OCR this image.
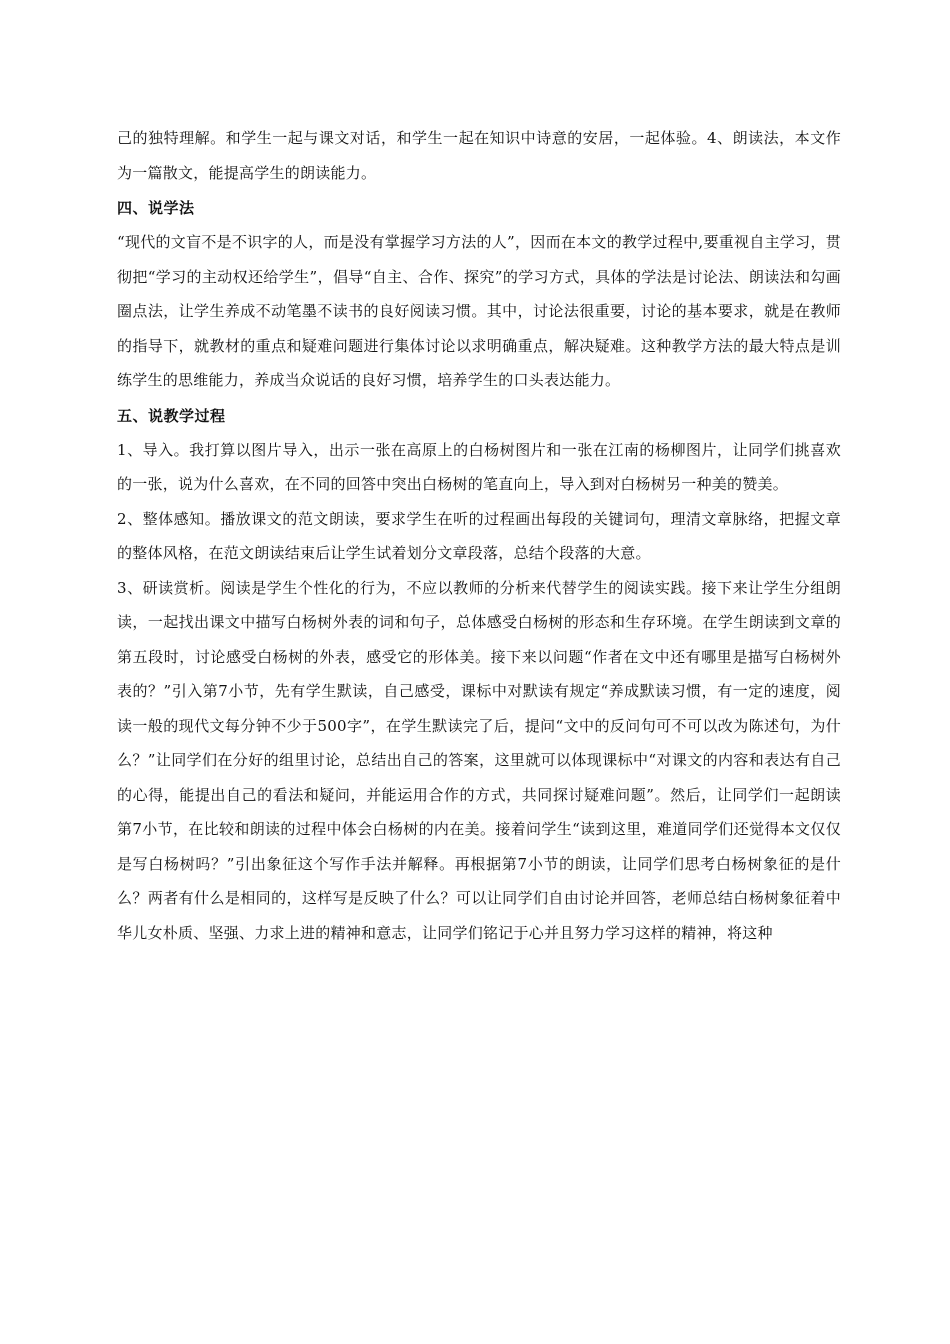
己的独特理解。和学生一起与课文对话，和学生一起在知识中诗意的安居，一起体验。4、朗读法，本文作为一篇散文，能提高学生的朗读能力。

四、说学法

“现代的文盲不是不识字的人，而是没有掌握学习方法的人”，因而在本文的教学过程中,要重视自主学习，贯彻把“学习的主动权还给学生”，倡导“自主、合作、探究”的学习方式，具体的学法是讨论法、朗读法和勾画圈点法，让学生养成不动笔墨不读书的良好阅读习惯。其中，讨论法很重要，讨论的基本要求，就是在教师的指导下，就教材的重点和疑难问题进行集体讨论以求明确重点，解决疑难。这种教学方法的最大特点是训练学生的思维能力，养成当众说话的良好习惯，培养学生的口头表达能力。

五、说教学过程

1、导入。我打算以图片导入，出示一张在高原上的白杨树图片和一张在江南的杨柳图片，让同学们挑喜欢的一张，说为什么喜欢，在不同的回答中突出白杨树的笔直向上，导入到对白杨树另一种美的赞美。

2、整体感知。播放课文的范文朗读，要求学生在听的过程画出每段的关键词句，理清文章脉络，把握文章的整体风格，在范文朗读结束后让学生试着划分文章段落，总结个段落的大意。

3、研读赏析。阅读是学生个性化的行为，不应以教师的分析来代替学生的阅读实践。接下来让学生分组朗读，一起找出课文中描写白杨树外表的词和句子，总体感受白杨树的形态和生存环境。在学生朗读到文章的第五段时，讨论感受白杨树的外表，感受它的形体美。接下来以问题“作者在文中还有哪里是描写白杨树外表的？”引入第7小节，先有学生默读，自己感受，课标中对默读有规定“养成默读习惯，有一定的速度，阅读一般的现代文每分钟不少于500字”，在学生默读完了后，提问“文中的反问句可不可以改为陈述句，为什么？”让同学们在分好的组里讨论，总结出自己的答案，这里就可以体现课标中“对课文的内容和表达有自己的心得，能提出自己的看法和疑问，并能运用合作的方式，共同探讨疑难问题”。然后，让同学们一起朗读第7小节，在比较和朗读的过程中体会白杨树的内在美。接着问学生“读到这里，难道同学们还觉得本文仅仅是写白杨树吗？”引出象征这个写作手法并解释。再根据第7小节的朗读，让同学们思考白杨树象征的是什么？两者有什么是相同的，这样写是反映了什么？可以让同学们自由讨论并回答，老师总结白杨树象征着中华儿女朴质、坚强、力求上进的精神和意志，让同学们铭记于心并且努力学习这样的精神，将这种
